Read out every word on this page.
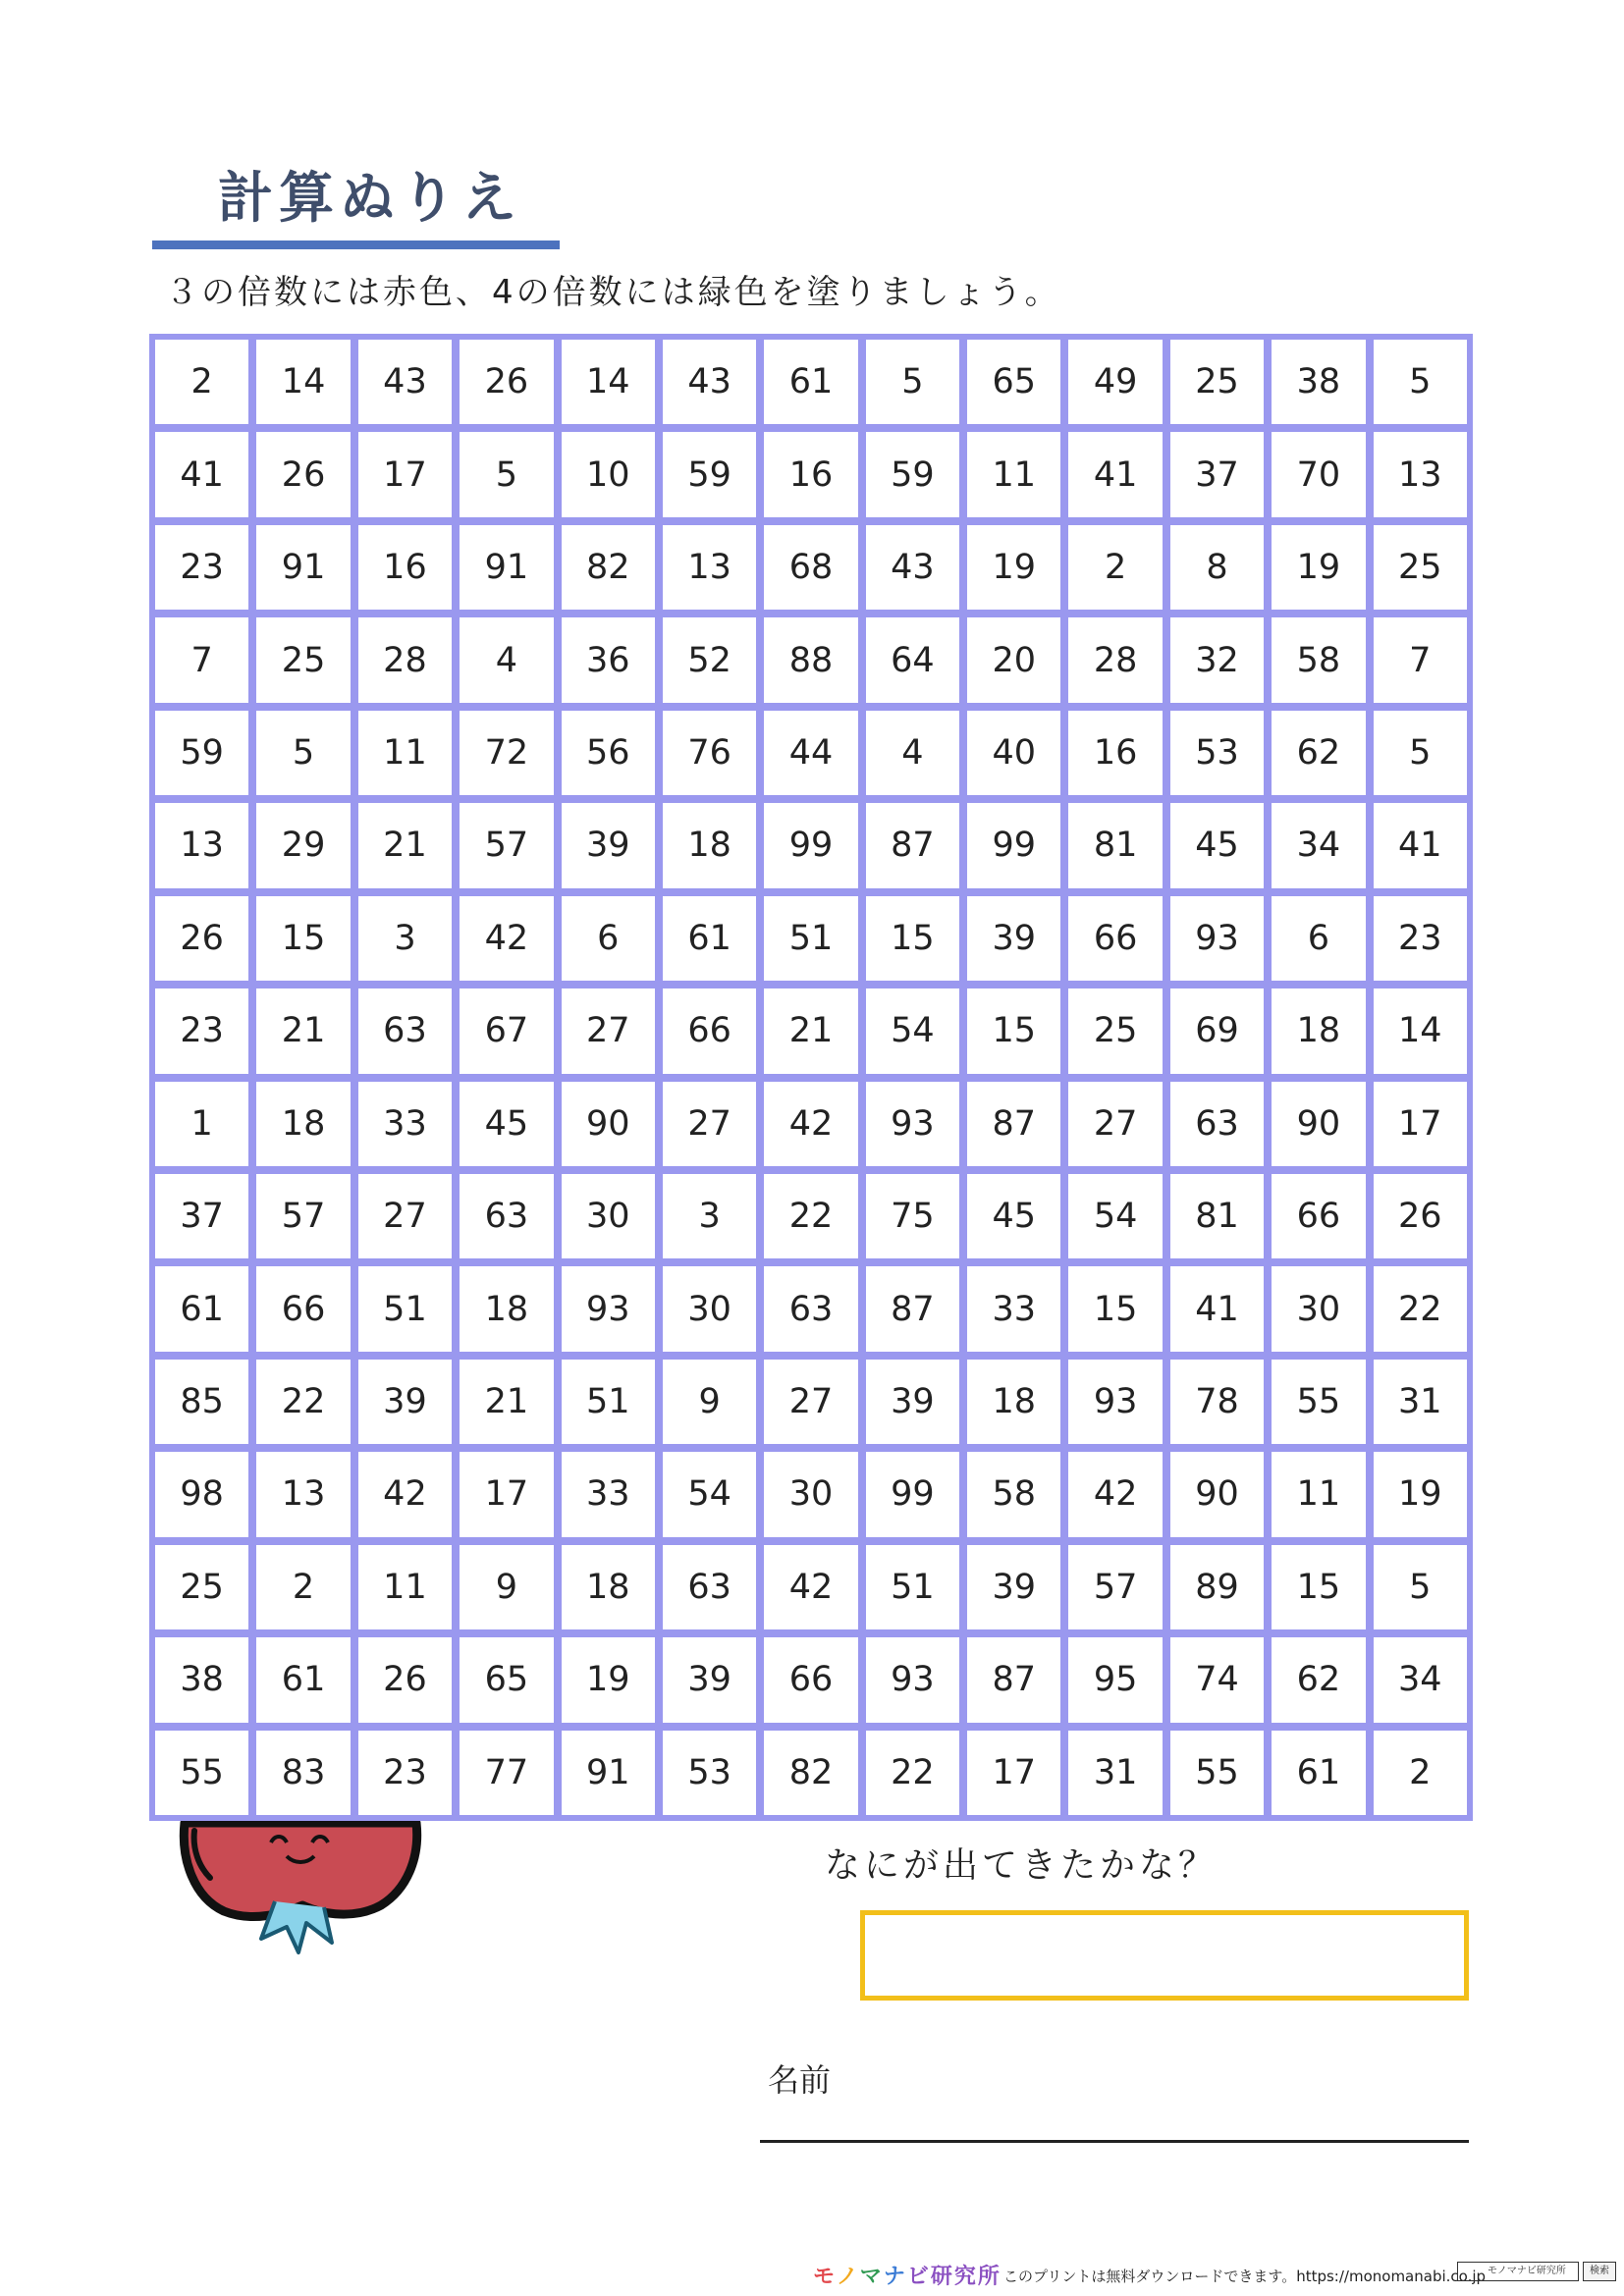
計算ぬりえ
３の倍数には赤色、4の倍数には緑色を塗りましょう。
2	14	43	26	14	43	61	5	65	49	25	38	5
41	26	17	5	10	59	16	59	11	41	37	70	13
23	91	16	91	82	13	68	43	19	2	8	19	25
7	25	28	4	36	52	88	64	20	28	32	58	7
59	5	11	72	56	76	44	4	40	16	53	62	5
13	29	21	57	39	18	99	87	99	81	45	34	41
26	15	3	42	6	61	51	15	39	66	93	6	23
23	21	63	67	27	66	21	54	15	25	69	18	14
1	18	33	45	90	27	42	93	87	27	63	90	17
37	57	27	63	30	3	22	75	45	54	81	66	26
61	66	51	18	93	30	63	87	33	15	41	30	22
85	22	39	21	51	9	27	39	18	93	78	55	31
98	13	42	17	33	54	30	99	58	42	90	11	19
25	2	11	9	18	63	42	51	39	57	89	15	5
38	61	26	65	19	39	66	93	87	95	74	62	34
55	83	23	77	91	53	82	22	17	31	55	61	2
なにが出てきたかな？
名前
モノマナビ研究所 このプリントは無料ダウンロードできます。https://monomanabi.co.jp モノマナビ研究所	検索
